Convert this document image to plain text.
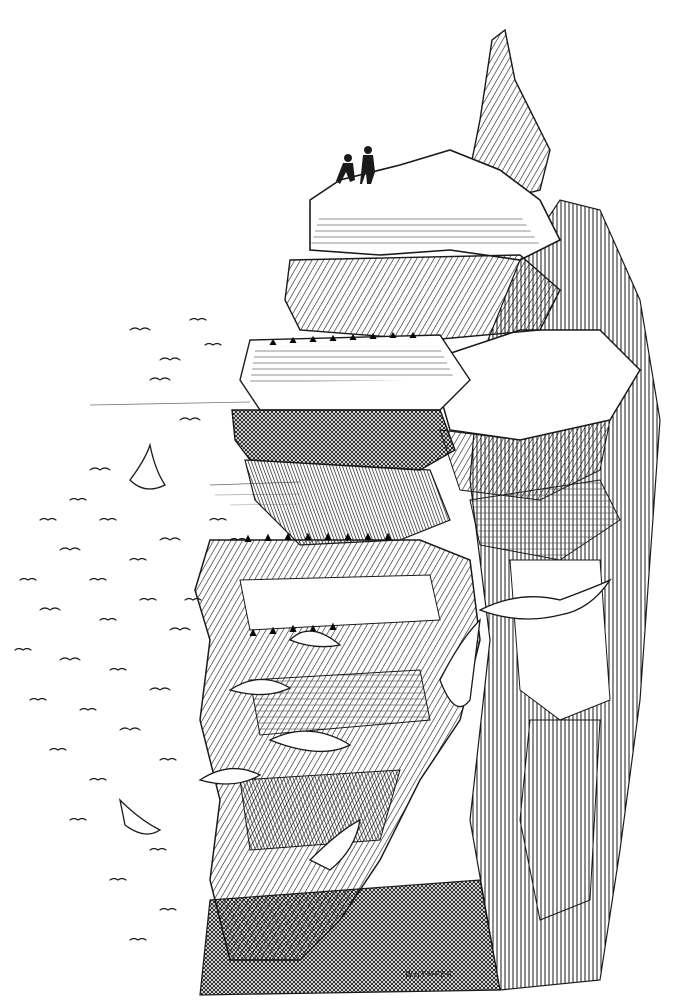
WHYMPER
